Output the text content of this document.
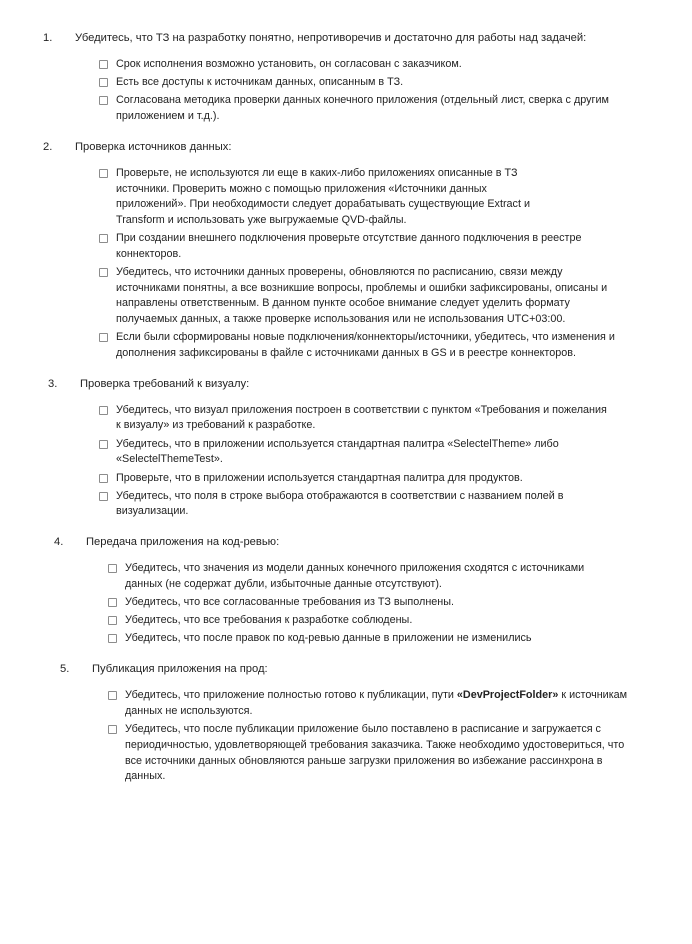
1.	Убедитесь, что ТЗ на разработку понятно, непротиворечив и достаточно для работы над задачей:
Срок исполнения возможно установить, он согласован с заказчиком.
Есть все доступы к источникам данных, описанным в ТЗ.
Согласована методика проверки данных конечного приложения (отдельный лист, сверка с другим приложением и т.д.).
2.	Проверка источников данных:
Проверьте, не используются ли еще в каких-либо приложениях описанные в ТЗ источники. Проверить можно с помощью приложения «Источники данных приложений». При необходимости следует дорабатывать существующие Extract и Transform и использовать уже выгружаемые QVD-файлы.
При создании внешнего подключения проверьте отсутствие данного подключения в реестре коннекторов.
Убедитесь, что источники данных проверены, обновляются по расписанию, связи между источниками понятны, а все возникшие вопросы, проблемы и ошибки зафиксированы, описаны и направлены ответственным. В данном пункте особое внимание следует уделить формату получаемых данных, а также проверке использования или не использования UTC+03:00.
Если были сформированы новые подключения/коннекторы/источники, убедитесь, что изменения и дополнения зафиксированы в файле с источниками данных в GS и в реестре коннекторов.
3.	Проверка требований к визуалу:
Убедитесь, что визуал приложения построен в соответствии с пунктом «Требования и пожелания к визуалу» из требований к разработке.
Убедитесь, что в приложении используется стандартная палитра «SelectelTheme» либо «SelectelThemeTest».
Проверьте, что в приложении используется стандартная палитра для продуктов.
Убедитесь, что поля в строке выбора отображаются в соответствии с названием полей в визуализации.
4.	Передача приложения на код-ревью:
Убедитесь, что значения из модели данных конечного приложения сходятся с источниками данных (не содержат дубли, избыточные данные отсутствуют).
Убедитесь, что все согласованные требования из ТЗ выполнены.
Убедитесь, что все требования к разработке соблюдены.
Убедитесь, что после правок по код-ревью данные в приложении не изменились
5.	Публикация приложения на прод:
Убедитесь, что приложение полностью готово к публикации, пути «DevProjectFolder» к источникам данных не используются.
Убедитесь, что после публикации приложение было поставлено в расписание и загружается с периодичностью, удовлетворяющей требования заказчика. Также необходимо удостовериться, что все источники данных обновляются раньше загрузки приложения во избежание рассинхрона в данных.
